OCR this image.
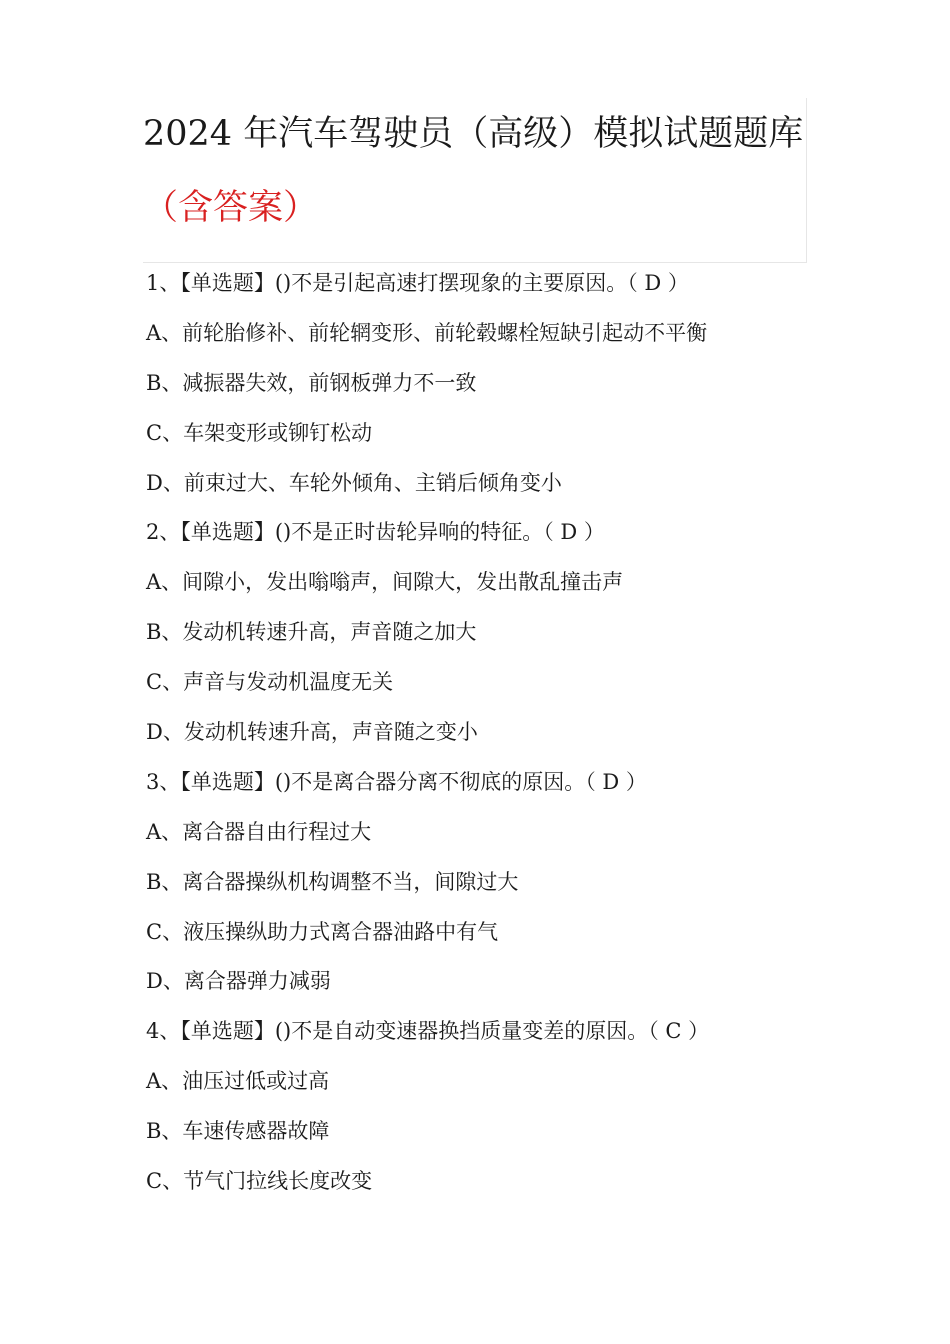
2024 年汽车驾驶员（高级）模拟试题题库
（含答案）
1、【单选题】()不是引起高速打摆现象的主要原因。（ D ）
A、前轮胎修补、前轮辋变形、前轮毂螺栓短缺引起动不平衡
B、减振器失效，前钢板弹力不一致
C、车架变形或铆钉松动
D、前束过大、车轮外倾角、主销后倾角变小
2、【单选题】()不是正时齿轮异响的特征。（ D ）
A、间隙小，发出嗡嗡声，间隙大，发出散乱撞击声
B、发动机转速升高，声音随之加大
C、声音与发动机温度无关
D、发动机转速升高，声音随之变小
3、【单选题】()不是离合器分离不彻底的原因。（ D ）
A、离合器自由行程过大
B、离合器操纵机构调整不当，间隙过大
C、液压操纵助力式离合器油路中有气
D、离合器弹力减弱
4、【单选题】()不是自动变速器换挡质量变差的原因。（ C ）
A、油压过低或过高
B、车速传感器故障
C、节气门拉线长度改变
